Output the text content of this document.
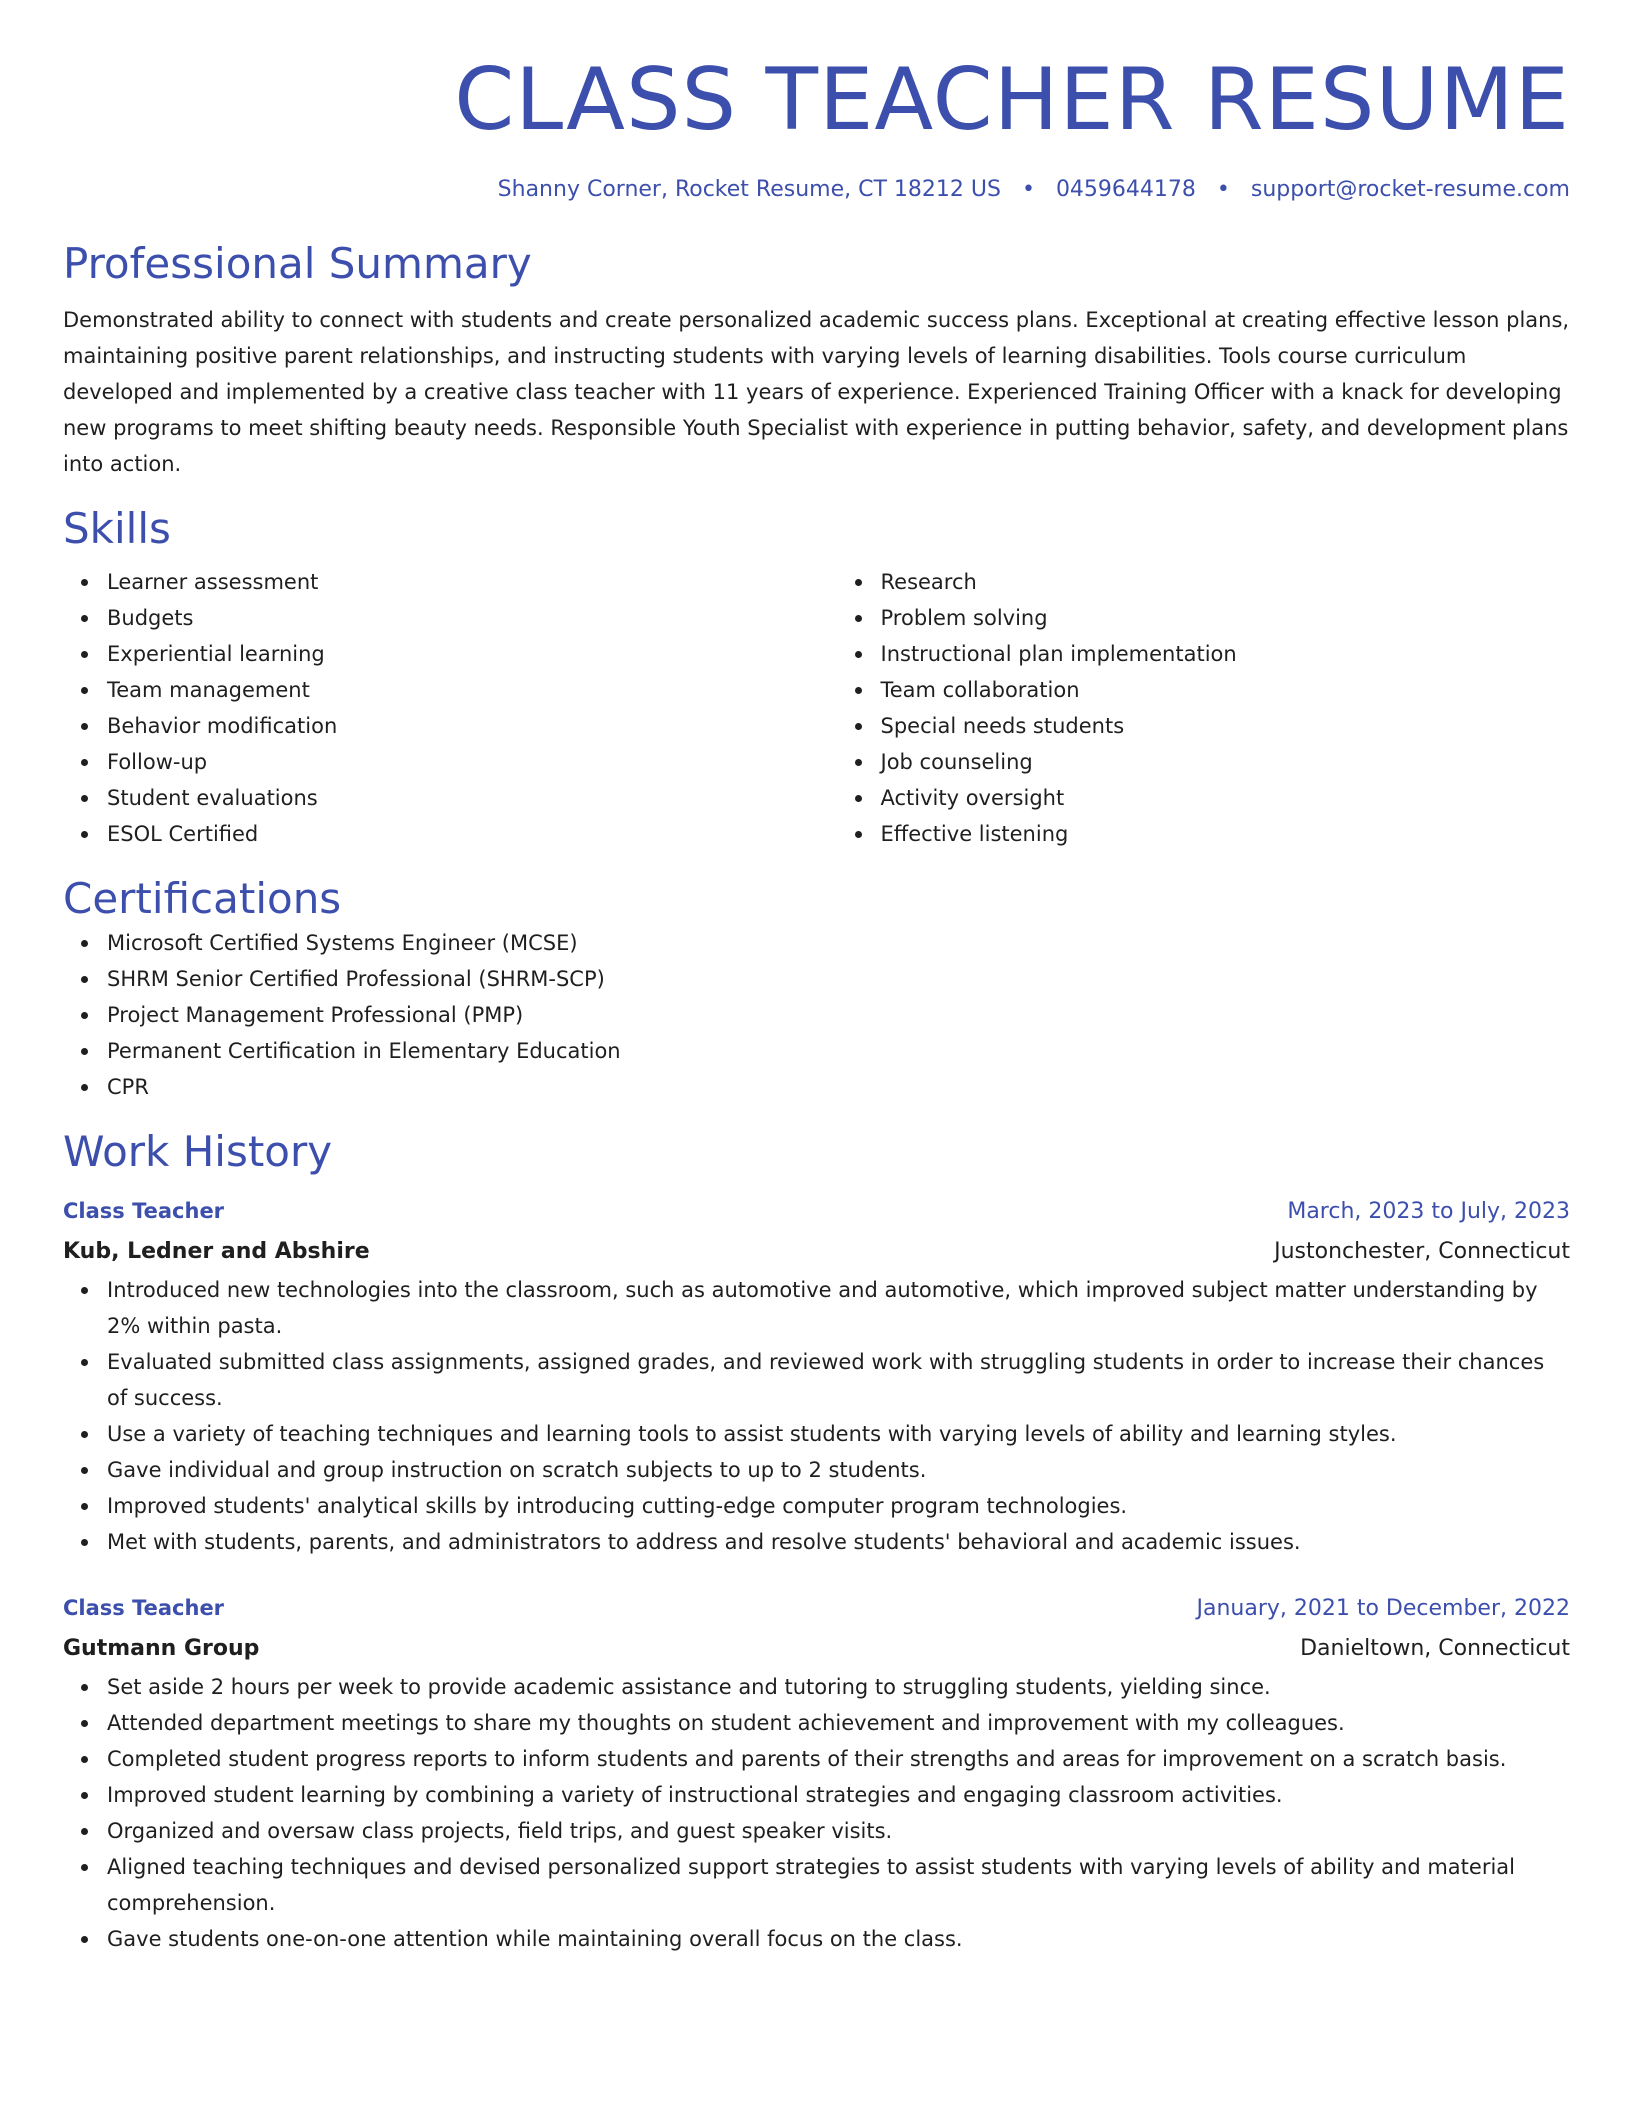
CLASS TEACHER RESUME
Shanny Corner, Rocket Resume, CT 18212 US • 0459644178 • support@rocket-resume.com
Professional Summary

Demonstrated ability to connect with students and create personalized academic success plans. Exceptional at creating effective lesson plans, maintaining positive parent relationships, and instructing students with varying levels of learning disabilities. Tools course curriculum developed and implemented by a creative class teacher with 11 years of experience. Experienced Training Officer with a knack for developing new programs to meet shifting beauty needs. Responsible Youth Specialist with experience in putting behavior, safety, and development plans into action.

Skills
Learner assessment
Budgets
Experiential learning
Team management
Behavior modification
Follow-up
Student evaluations
ESOL Certified
Research
Problem solving
Instructional plan implementation
Team collaboration
Special needs students
Job counseling
Activity oversight
Effective listening
Certifications
Microsoft Certified Systems Engineer (MCSE)
SHRM Senior Certified Professional (SHRM-SCP)
Project Management Professional (PMP)
Permanent Certification in Elementary Education
CPR
Work History
Class Teacher	March, 2023 to July, 2023
Kub, Ledner and Abshire	Justonchester, Connecticut
Introduced new technologies into the classroom, such as automotive and automotive, which improved subject matter understanding by 2% within pasta.
Evaluated submitted class assignments, assigned grades, and reviewed work with struggling students in order to increase their chances of success.
Use a variety of teaching techniques and learning tools to assist students with varying levels of ability and learning styles.
Gave individual and group instruction on scratch subjects to up to 2 students.
Improved students' analytical skills by introducing cutting-edge computer program technologies.
Met with students, parents, and administrators to address and resolve students' behavioral and academic issues.
Class Teacher	January, 2021 to December, 2022
Gutmann Group	Danieltown, Connecticut
Set aside 2 hours per week to provide academic assistance and tutoring to struggling students, yielding since.
Attended department meetings to share my thoughts on student achievement and improvement with my colleagues.
Completed student progress reports to inform students and parents of their strengths and areas for improvement on a scratch basis.
Improved student learning by combining a variety of instructional strategies and engaging classroom activities.
Organized and oversaw class projects, field trips, and guest speaker visits.
Aligned teaching techniques and devised personalized support strategies to assist students with varying levels of ability and material comprehension.
Gave students one-on-one attention while maintaining overall focus on the class.
